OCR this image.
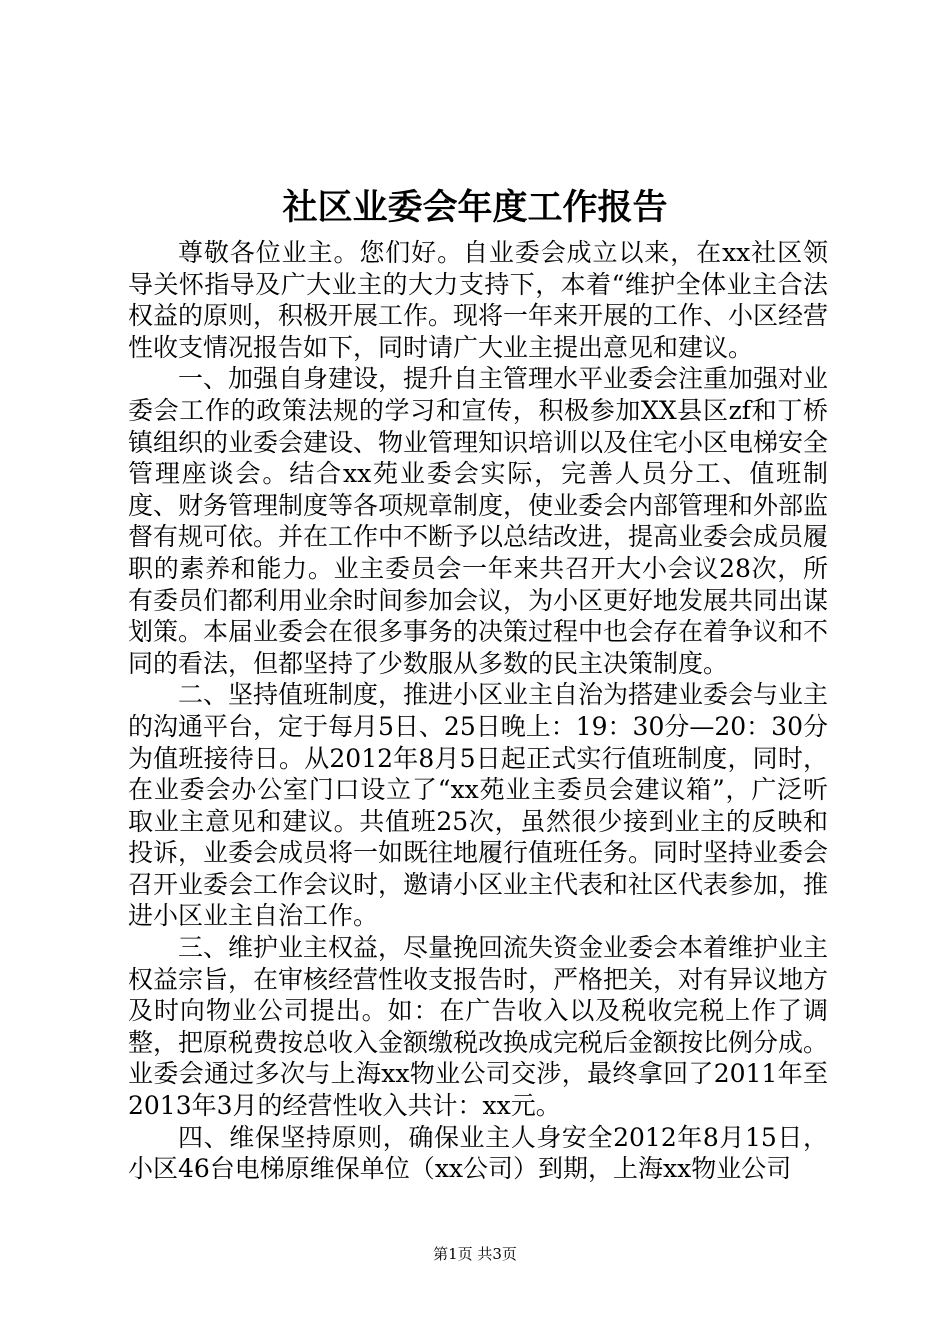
社区业委会年度工作报告

尊敬各位业主。您们好。自业委会成立以来，在xx社区领导关怀指导及广大业主的大力支持下，本着“维护全体业主合法权益的原则，积极开展工作。现将一年来开展的工作、小区经营性收支情况报告如下，同时请广大业主提出意见和建议。

一、加强自身建设，提升自主管理水平业委会注重加强对业委会工作的政策法规的学习和宣传，积极参加XX县区zf和丁桥镇组织的业委会建设、物业管理知识培训以及住宅小区电梯安全管理座谈会。结合xx苑业委会实际，完善人员分工、值班制度、财务管理制度等各项规章制度，使业委会内部管理和外部监督有规可依。并在工作中不断予以总结改进，提高业委会成员履职的素养和能力。业主委员会一年来共召开大小会议28次，所有委员们都利用业余时间参加会议，为小区更好地发展共同出谋划策。本届业委会在很多事务的决策过程中也会存在着争议和不同的看法，但都坚持了少数服从多数的民主决策制度。

二、坚持值班制度，推进小区业主自治为搭建业委会与业主的沟通平台，定于每月5日、25日晚上：19：30分—20：30分为值班接待日。从2012年8月5日起正式实行值班制度，同时，在业委会办公室门口设立了“xx苑业主委员会建议箱”，广泛听取业主意见和建议。共值班25次，虽然很少接到业主的反映和投诉，业委会成员将一如既往地履行值班任务。同时坚持业委会召开业委会工作会议时，邀请小区业主代表和社区代表参加，推进小区业主自治工作。

三、维护业主权益，尽量挽回流失资金业委会本着维护业主权益宗旨，在审核经营性收支报告时，严格把关，对有异议地方及时向物业公司提出。如：在广告收入以及税收完税上作了调整，把原税费按总收入金额缴税改换成完税后金额按比例分成。业委会通过多次与上海xx物业公司交涉，最终拿回了2011年至2013年3月的经营性收入共计：xx元。

四、维保坚持原则，确保业主人身安全2012年8月15日，小区46台电梯原维保单位（xx公司）到期，上海xx物业公司

第1页 共3页
